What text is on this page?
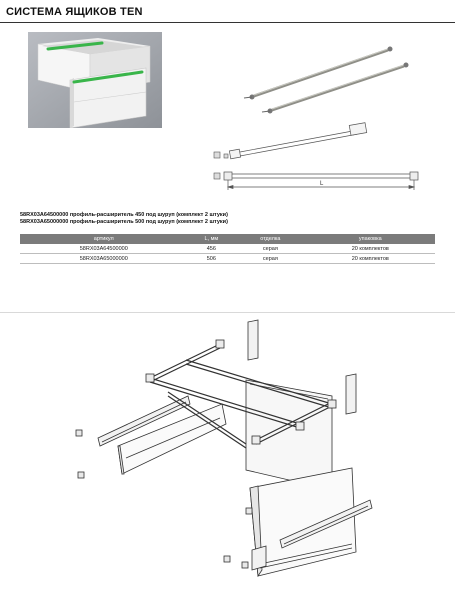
СИСТЕМА ЯЩИКОВ TEN
L
58RX03A64500000 профиль-расширитель 450 под шуруп (комплект 2 штуки)
58RX03A65000000 профиль-расширитель 500 под шуруп (комплект 2 штуки)
артикул	L, мм	отделка	упаковка
58RX03A64500000	456	серая	20 комплектов
58RX03A65000000	506	серая	20 комплектов
